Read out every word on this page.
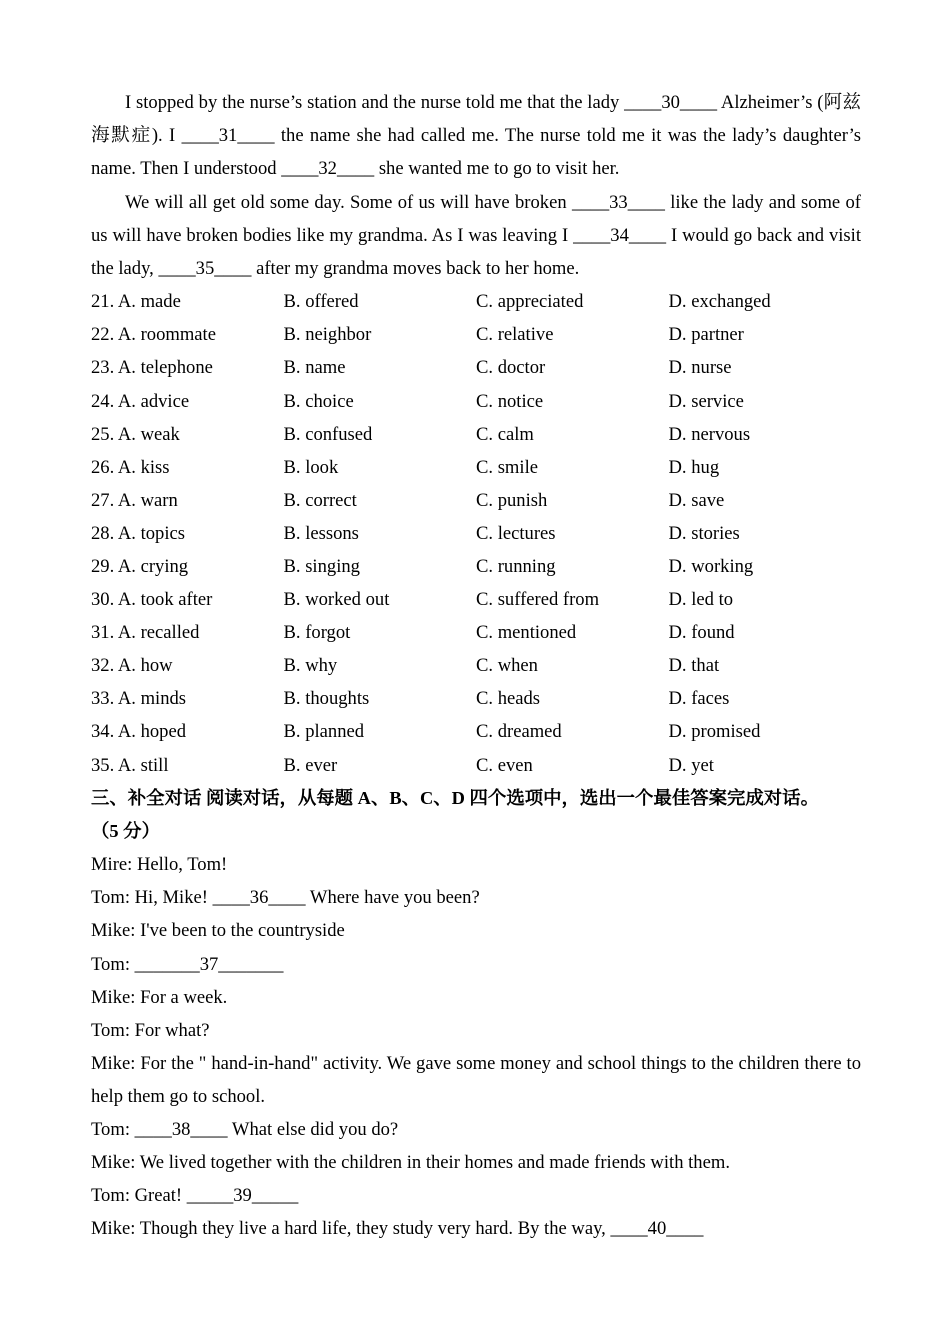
I stopped by the nurse’s station and the nurse told me that the lady ____30____ Alzheimer’s (阿兹海默症). I ____31____ the name she had called me. The nurse told me it was the lady’s daughter’s name. Then I understood ____32____ she wanted me to go to visit her.

We will all get old some day. Some of us will have broken ____33____ like the lady and some of us will have broken bodies like my grandma. As I was leaving I ____34____ I would go back and visit the lady, ____35____ after my grandma moves back to her home.

21. A. made	B. offered	C. appreciated	D. exchanged
22. A. roommate	B. neighbor	C. relative	D. partner
23. A. telephone	B. name	C. doctor	D. nurse
24. A. advice	B. choice	C. notice	D. service
25. A. weak	B. confused	C. calm	D. nervous
26. A. kiss	B. look	C. smile	D. hug
27. A. warn	B. correct	C. punish	D. save
28. A. topics	B. lessons	C. lectures	D. stories
29. A. crying	B. singing	C. running	D. working
30. A. took after	B. worked out	C. suffered from	D. led to
31. A. recalled	B. forgot	C. mentioned	D. found
32. A. how	B. why	C. when	D. that
33. A. minds	B. thoughts	C. heads	D. faces
34. A. hoped	B. planned	C. dreamed	D. promised
35. A. still	B. ever	C. even	D. yet

三、补全对话 阅读对话，从每题 A、B、C、D 四个选项中，选出一个最佳答案完成对话。

（5 分）

Mire: Hello, Tom!

Tom: Hi, Mike! ____36____ Where have you been?

Mike: I've been to the countryside

Tom: _______37_______

Mike: For a week.

Tom: For what?

Mike: For the " hand-in-hand" activity. We gave some money and school things to the children there to help them go to school.

Tom: ____38____ What else did you do?

Mike: We lived together with the children in their homes and made friends with them.

Tom: Great! _____39_____

Mike: Though they live a hard life, they study very hard. By the way, ____40____
